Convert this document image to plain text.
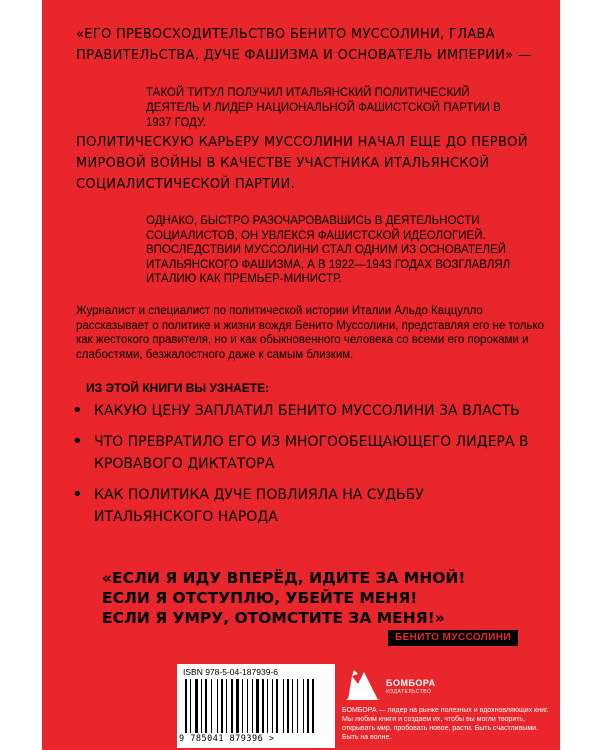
«ЕГО ПРЕВОСХОДИТЕЛЬСТВО БЕНИТО МУССОЛИНИ, ГЛАВА ПРАВИТЕЛЬСТВА, ДУЧЕ ФАШИЗМА И ОСНОВАТЕЛЬ ИМПЕРИИ» —
ТАКОЙ ТИТУЛ ПОЛУЧИЛ ИТАЛЬЯНСКИЙ ПОЛИТИЧЕСКИЙ ДЕЯТЕЛЬ И ЛИДЕР НАЦИОНАЛЬНОЙ ФАШИСТСКОЙ ПАРТИИ В 1937 ГОДУ.
ПОЛИТИЧЕСКУЮ КАРЬЕРУ МУССОЛИНИ НАЧАЛ ЕЩЕ ДО ПЕРВОЙ МИРОВОЙ ВОЙНЫ В КАЧЕСТВЕ УЧАСТНИКА ИТАЛЬЯНСКОЙ СОЦИАЛИСТИЧЕСКОЙ ПАРТИИ.
ОДНАКО, БЫСТРО РАЗОЧАРОВАВШИСЬ В ДЕЯТЕЛЬНОСТИ СОЦИАЛИСТОВ, ОН УВЛЕКСЯ ФАШИСТСКОЙ ИДЕОЛОГИЕЙ. ВПОСЛЕДСТВИИ МУССОЛИНИ СТАЛ ОДНИМ ИЗ ОСНОВАТЕЛЕЙ ИТАЛЬЯНСКОГО ФАШИЗМА, А В 1922—1943 ГОДАХ ВОЗГЛАВЛЯЛ ИТАЛИЮ КАК ПРЕМЬЕР-МИНИСТР.
Журналист и специалист по политической истории Италии Альдо Каццулло рассказывает о политике и жизни вождя Бенито Муссолини, представляя его не только как жестокого правителя, но и как обыкновенного человека со всеми его пороками и слабостями, безжалостного даже к самым близким.
ИЗ ЭТОЙ КНИГИ ВЫ УЗНАЕТЕ:
• КАКУЮ ЦЕНУ ЗАПЛАТИЛ БЕНИТО МУССОЛИНИ ЗА ВЛАСТЬ
• ЧТО ПРЕВРАТИЛО ЕГО ИЗ МНОГООБЕЩАЮЩЕГО ЛИДЕРА В КРОВАВОГО ДИКТАТОРА
• КАК ПОЛИТИКА ДУЧЕ ПОВЛИЯЛА НА СУДЬБУ ИТАЛЬЯНСКОГО НАРОДА
«ЕСЛИ Я ИДУ ВПЕРЁД, ИДИТЕ ЗА МНОЙ!
ЕСЛИ Я ОТСТУПЛЮ, УБЕЙТЕ МЕНЯ!
ЕСЛИ Я УМРУ, ОТОМСТИТЕ ЗА МЕНЯ!»
БЕНИТО МУССОЛИНИ
ISBN 978-5-04-187939-6
9 785041 879396 >
БОМБОРА
ИЗДАТЕЛЬСТВО
БОМБОРА — лидер на рынке полезных и вдохновляющих книг. Мы любим книги и создаем их, чтобы вы могли творить, открывать мир, пробовать новое, расти. Быть счастливыми. Быть на волне.
